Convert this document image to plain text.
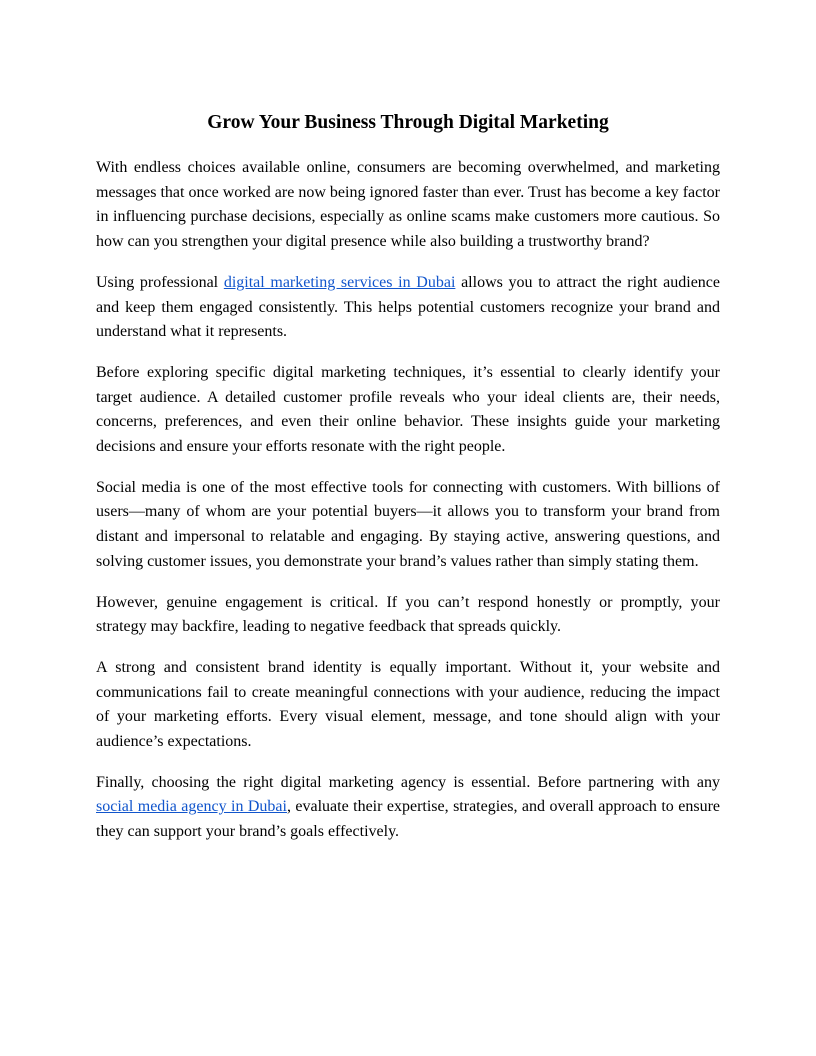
Grow Your Business Through Digital Marketing

With endless choices available online, consumers are becoming overwhelmed, and marketing messages that once worked are now being ignored faster than ever. Trust has become a key factor in influencing purchase decisions, especially as online scams make customers more cautious. So how can you strengthen your digital presence while also building a trustworthy brand?

Using professional digital marketing services in Dubai allows you to attract the right audience and keep them engaged consistently. This helps potential customers recognize your brand and understand what it represents.

Before exploring specific digital marketing techniques, it’s essential to clearly identify your target audience. A detailed customer profile reveals who your ideal clients are, their needs, concerns, preferences, and even their online behavior. These insights guide your marketing decisions and ensure your efforts resonate with the right people.

Social media is one of the most effective tools for connecting with customers. With billions of users—many of whom are your potential buyers—it allows you to transform your brand from distant and impersonal to relatable and engaging. By staying active, answering questions, and solving customer issues, you demonstrate your brand’s values rather than simply stating them.

However, genuine engagement is critical. If you can’t respond honestly or promptly, your strategy may backfire, leading to negative feedback that spreads quickly.

A strong and consistent brand identity is equally important. Without it, your website and communications fail to create meaningful connections with your audience, reducing the impact of your marketing efforts. Every visual element, message, and tone should align with your audience’s expectations.

Finally, choosing the right digital marketing agency is essential. Before partnering with any social media agency in Dubai, evaluate their expertise, strategies, and overall approach to ensure they can support your brand’s goals effectively.
